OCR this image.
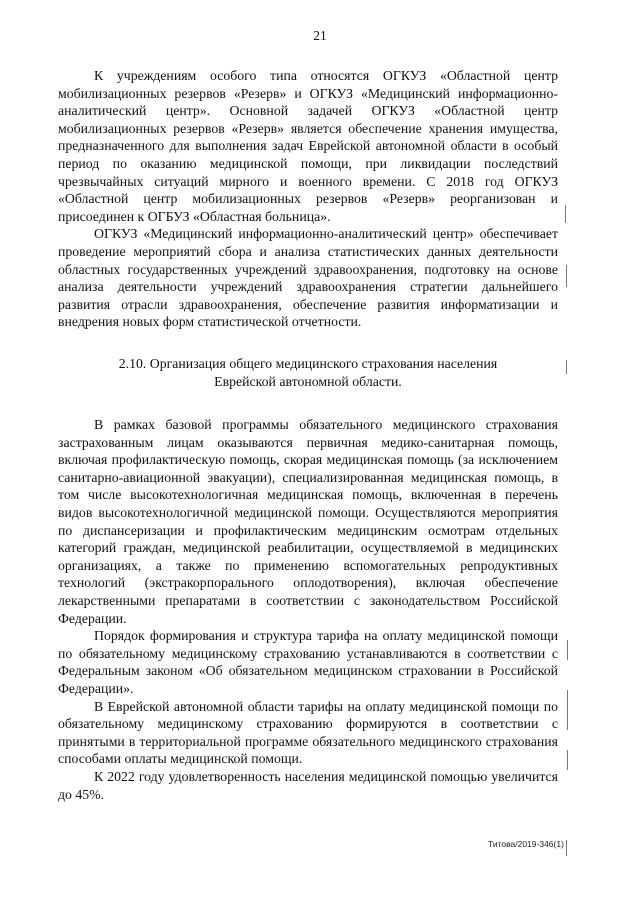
21

К учреждениям особого типа относятся ОГКУЗ «Областной центр мобилизационных резервов «Резерв» и ОГКУЗ «Медицинский информационно-аналитический центр». Основной задачей ОГКУЗ «Областной центр мобилизационных резервов «Резерв» является обеспечение хранения имущества, предназначенного для выполнения задач Еврейской автономной области в особый период по оказанию медицинской помощи, при ликвидации последствий чрезвычайных ситуаций мирного и военного времени. С 2018 год ОГКУЗ «Областной центр мобилизационных резервов «Резерв» реорганизован и присоединен к ОГБУЗ «Областная больница».

ОГКУЗ «Медицинский информационно-аналитический центр» обеспечивает проведение мероприятий сбора и анализа статистических данных деятельности областных государственных учреждений здравоохранения, подготовку на основе анализа деятельности учреждений здравоохранения стратегии дальнейшего развития отрасли здравоохранения, обеспечение развития информатизации и внедрения новых форм статистической отчетности.

2.10. Организация общего медицинского страхования населения
Еврейской автономной области.

В рамках базовой программы обязательного медицинского страхования застрахованным лицам оказываются первичная медико-санитарная помощь, включая профилактическую помощь, скорая медицинская помощь (за исключением санитарно-авиационной эвакуации), специализированная медицинская помощь, в том числе высокотехнологичная медицинская помощь, включенная в перечень видов высокотехнологичной медицинской помощи. Осуществляются мероприятия по диспансеризации и профилактическим медицинским осмотрам отдельных категорий граждан, медицинской реабилитации, осуществляемой в медицинских организациях, а также по применению вспомогательных репродуктивных технологий (экстракорпорального оплодотворения), включая обеспечение лекарственными препаратами в соответствии с законодательством Российской Федерации.

Порядок формирования и структура тарифа на оплату медицинской помощи по обязательному медицинскому страхованию устанавливаются в соответствии с Федеральным законом «Об обязательном медицинском страховании в Российской Федерации».

В Еврейской автономной области тарифы на оплату медицинской помощи по обязательному медицинскому страхованию формируются в соответствии с принятыми в территориальной программе обязательного медицинского страхования способами оплаты медицинской помощи.

К 2022 году удовлетворенность населения медицинской помощью увеличится до 45%.

Титова/2019-346(1)
